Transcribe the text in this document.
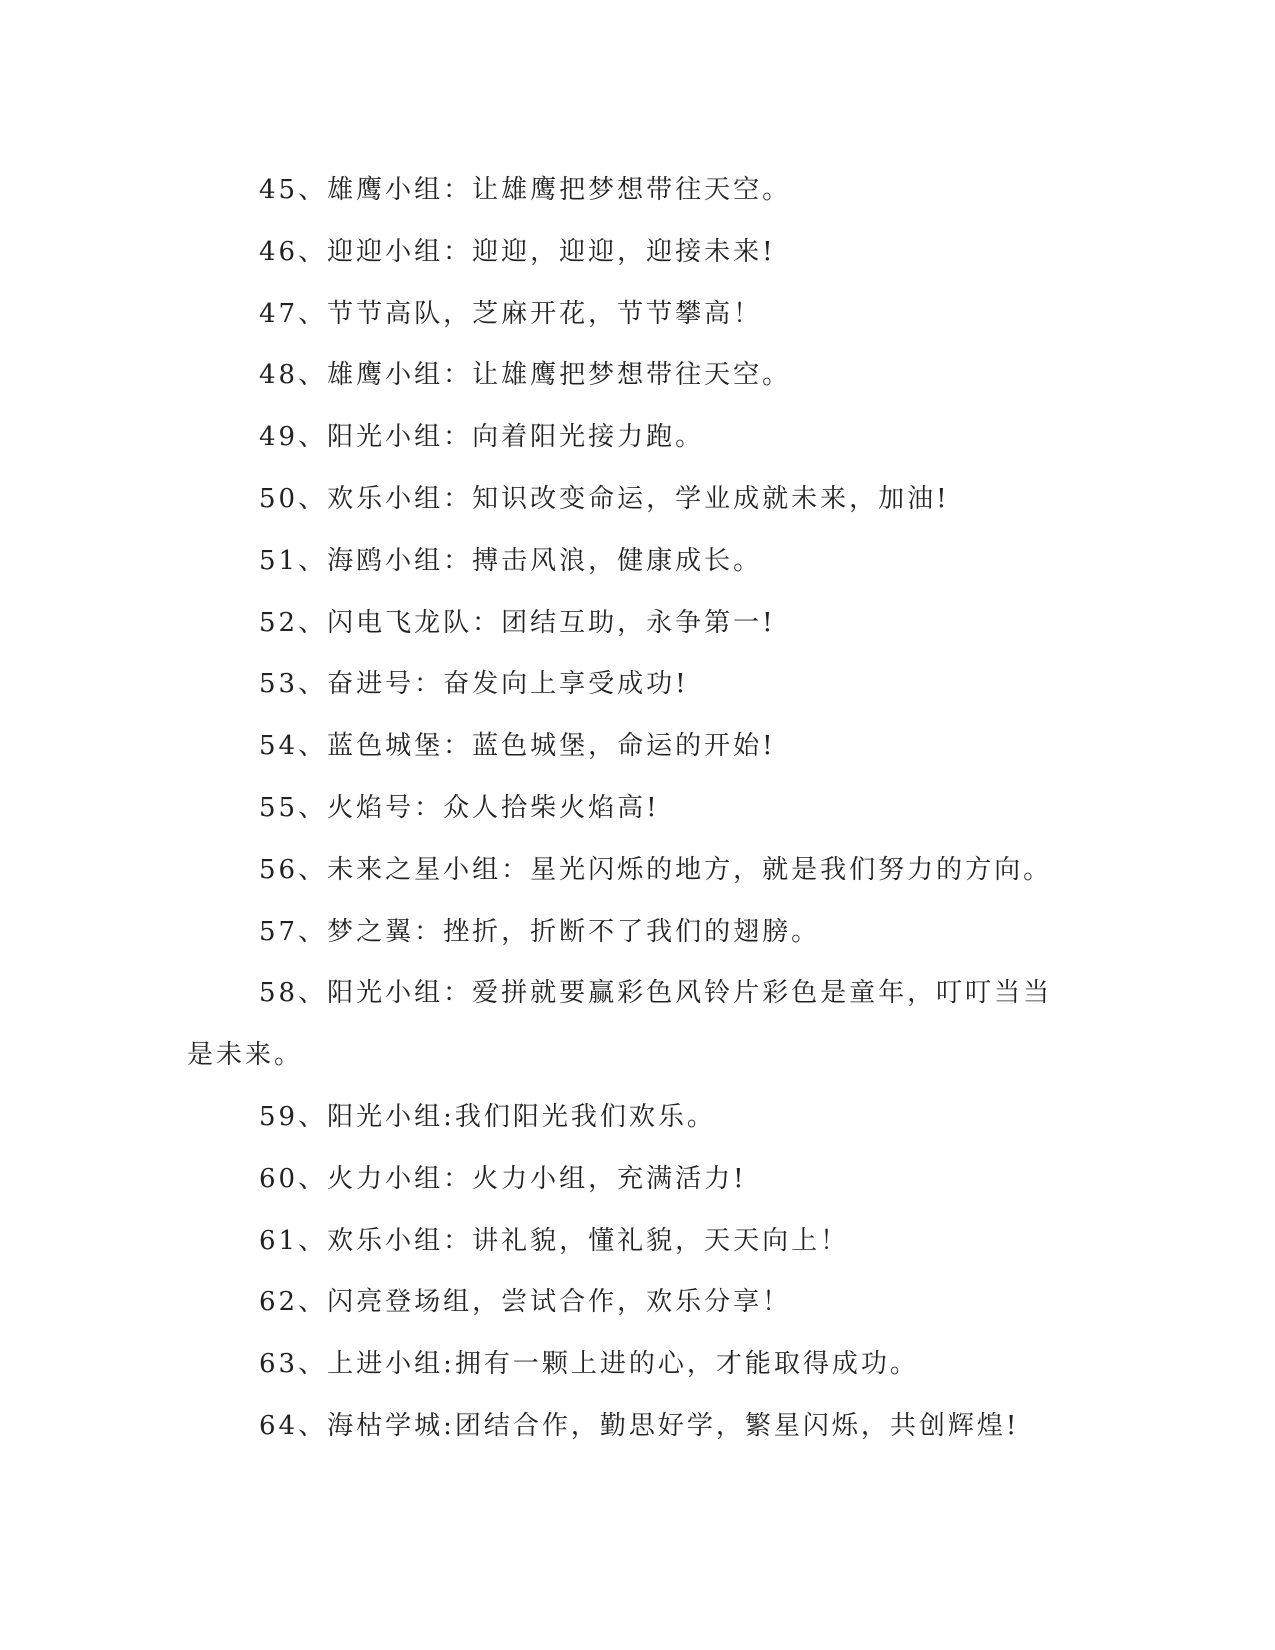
45、雄鹰小组：让雄鹰把梦想带往天空。

46、迎迎小组：迎迎，迎迎，迎接未来!

47、节节高队，芝麻开花，节节攀高！

48、雄鹰小组：让雄鹰把梦想带往天空。

49、阳光小组：向着阳光接力跑。

50、欢乐小组：知识改变命运，学业成就未来，加油!

51、海鸥小组：搏击风浪，健康成长。

52、闪电飞龙队：团结互助，永争第一!

53、奋进号：奋发向上享受成功!

54、蓝色城堡：蓝色城堡，命运的开始!

55、火焰号：众人拾柴火焰高!

56、未来之星小组：星光闪烁的地方，就是我们努力的方向。

57、梦之翼：挫折，折断不了我们的翅膀。

58、阳光小组：爱拼就要赢彩色风铃片彩色是童年，叮叮当当是未来。

59、阳光小组:我们阳光我们欢乐。

60、火力小组：火力小组，充满活力!

61、欢乐小组：讲礼貌，懂礼貌，天天向上！

62、闪亮登场组，尝试合作，欢乐分享！

63、上进小组:拥有一颗上进的心，才能取得成功。

64、海枯学城:团结合作，勤思好学，繁星闪烁，共创辉煌!
